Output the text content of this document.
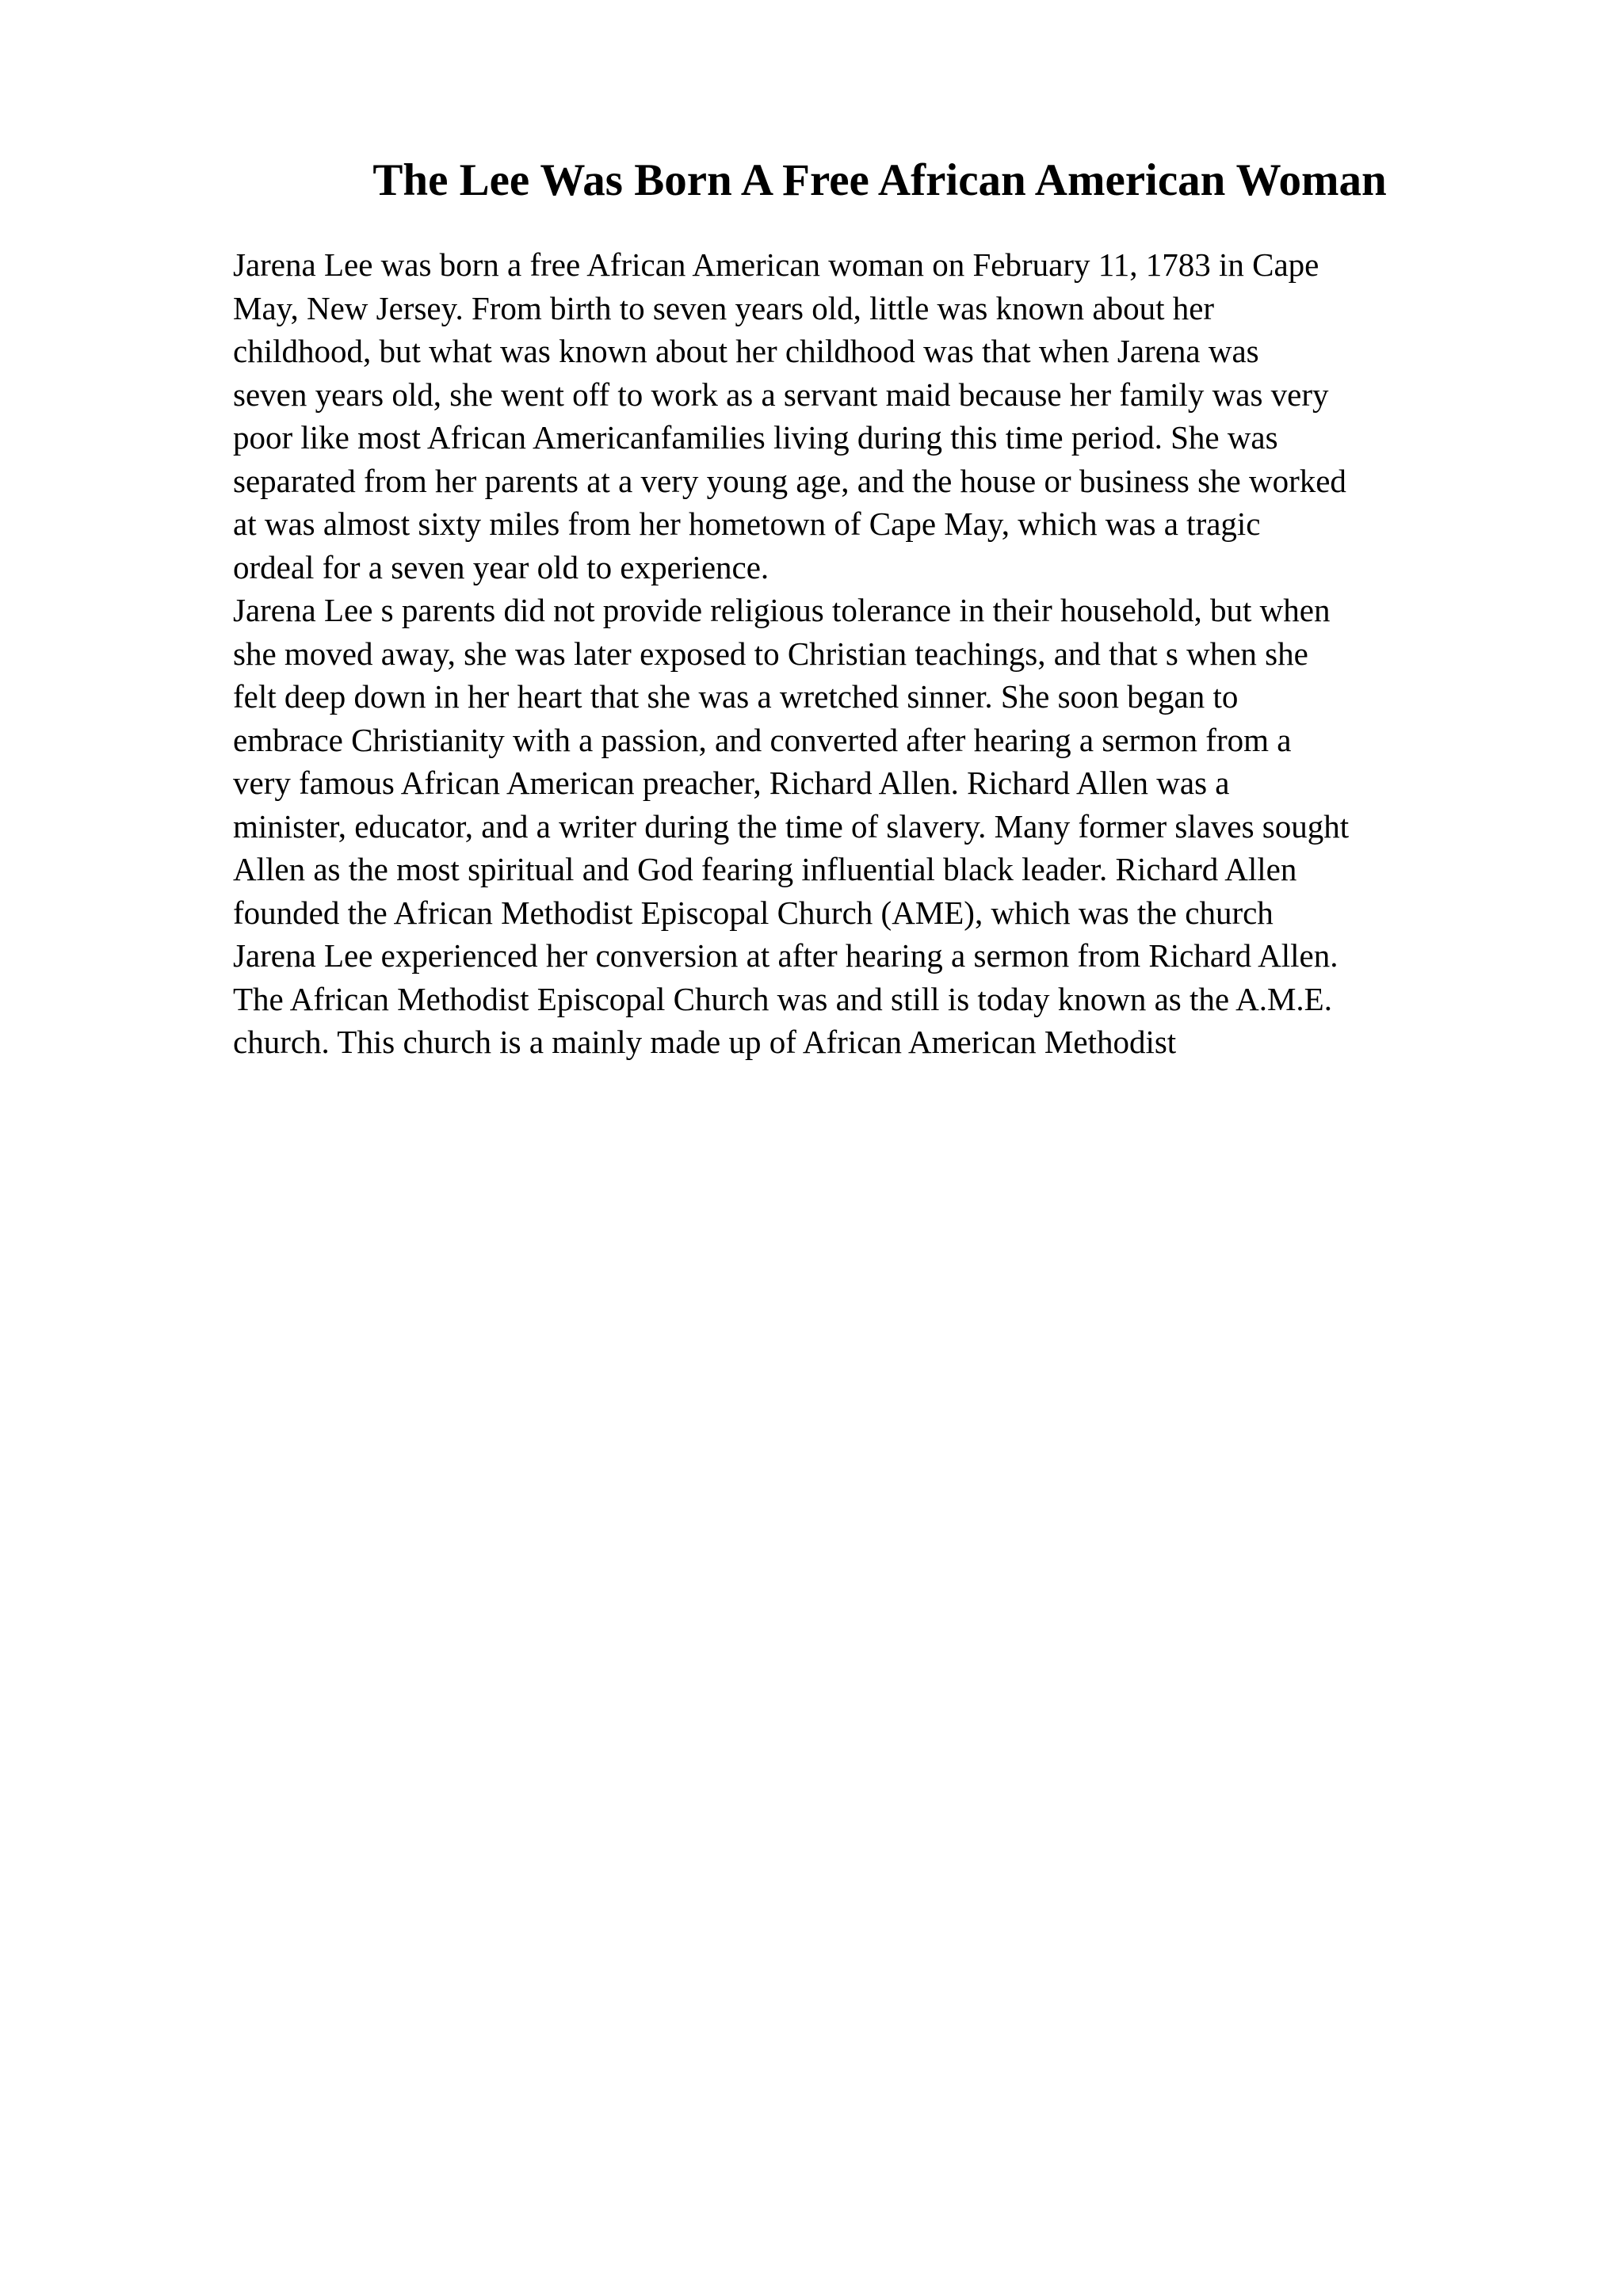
The Lee Was Born A Free African American Woman
Jarena Lee was born a free African American woman on February 11, 1783 in Cape
May, New Jersey. From birth to seven years old, little was known about her
childhood, but what was known about her childhood was that when Jarena was
seven years old, she went off to work as a servant maid because her family was very
poor like most African Americanfamilies living during this time period. She was
separated from her parents at a very young age, and the house or business she worked
at was almost sixty miles from her hometown of Cape May, which was a tragic
ordeal for a seven year old to experience.
Jarena Lee s parents did not provide religious tolerance in their household, but when
she moved away, she was later exposed to Christian teachings, and that s when she
felt deep down in her heart that she was a wretched sinner. She soon began to
embrace Christianity with a passion, and converted after hearing a sermon from a
very famous African American preacher, Richard Allen. Richard Allen was a
minister, educator, and a writer during the time of slavery. Many former slaves sought
Allen as the most spiritual and God fearing influential black leader. Richard Allen
founded the African Methodist Episcopal Church (AME), which was the church
Jarena Lee experienced her conversion at after hearing a sermon from Richard Allen.
The African Methodist Episcopal Church was and still is today known as the A.M.E.
church. This church is a mainly made up of African American Methodist
